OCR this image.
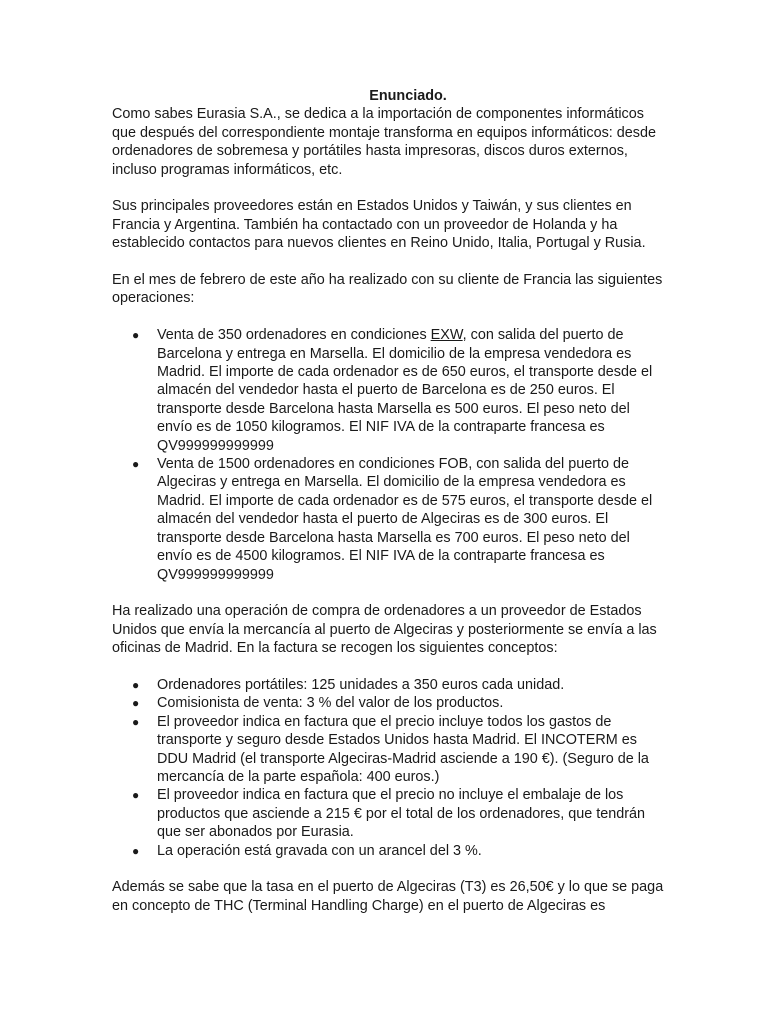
Enunciado.

Como sabes Eurasia S.A., se dedica a la importación de componentes informáticos que después del correspondiente montaje transforma en equipos informáticos: desde ordenadores de sobremesa y portátiles hasta impresoras, discos duros externos, incluso programas informáticos, etc.

Sus principales proveedores están en Estados Unidos y Taiwán, y sus clientes en Francia y Argentina. También ha contactado con un proveedor de Holanda y ha establecido contactos para nuevos clientes en Reino Unido, Italia, Portugal y Rusia.

En el mes de febrero de este año ha realizado con su cliente de Francia las siguientes operaciones:

● Venta de 350 ordenadores en condiciones EXW, con salida del puerto de Barcelona y entrega en Marsella. El domicilio de la empresa vendedora es Madrid. El importe de cada ordenador es de 650 euros, el transporte desde el almacén del vendedor hasta el puerto de Barcelona es de 250 euros. El transporte desde Barcelona hasta Marsella es 500 euros. El peso neto del envío es de 1050 kilogramos. El NIF IVA de la contraparte francesa es QV999999999999
● Venta de 1500 ordenadores en condiciones FOB, con salida del puerto de Algeciras y entrega en Marsella. El domicilio de la empresa vendedora es Madrid. El importe de cada ordenador es de 575 euros, el transporte desde el almacén del vendedor hasta el puerto de Algeciras es de 300 euros. El transporte desde Barcelona hasta Marsella es 700 euros. El peso neto del envío es de 4500 kilogramos. El NIF IVA de la contraparte francesa es QV999999999999

Ha realizado una operación de compra de ordenadores a un proveedor de Estados Unidos que envía la mercancía al puerto de Algeciras y posteriormente se envía a las oficinas de Madrid. En la factura se recogen los siguientes conceptos:

● Ordenadores portátiles: 125 unidades a 350 euros cada unidad.
● Comisionista de venta: 3 % del valor de los productos.
● El proveedor indica en factura que el precio incluye todos los gastos de transporte y seguro desde Estados Unidos hasta Madrid. El INCOTERM es DDU Madrid (el transporte Algeciras-Madrid asciende a 190 €). (Seguro de la mercancía de la parte española: 400 euros.)
● El proveedor indica en factura que el precio no incluye el embalaje de los productos que asciende a 215 € por el total de los ordenadores, que tendrán que ser abonados por Eurasia.
● La operación está gravada con un arancel del 3 %.

Además se sabe que la tasa en el puerto de Algeciras (T3) es 26,50€ y lo que se paga en concepto de THC (Terminal Handling Charge) en el puerto de Algeciras es
